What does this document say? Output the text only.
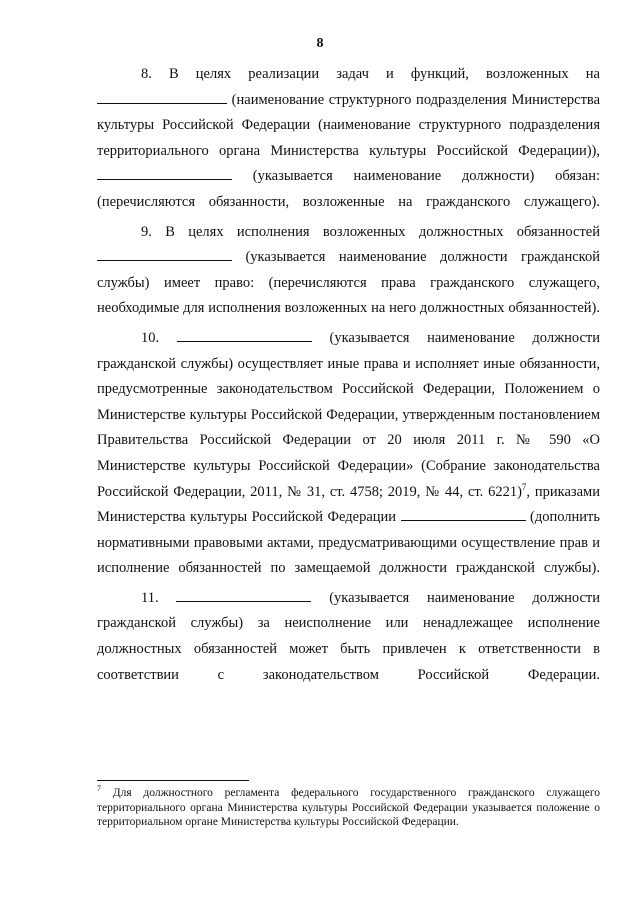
8

8. В целях реализации задач и функций, возложенных на  (наименование структурного подразделения Министерства культуры Российской Федерации (наименование структурного подразделения территориального органа Министерства культуры Российской Федерации)),  (указывается наименование должности) обязан: (перечисляются обязанности, возложенные на гражданского служащего).

9. В целях исполнения возложенных должностных обязанностей  (указывается наименование должности гражданской службы) имеет право: (перечисляются права гражданского служащего, необходимые для исполнения возложенных на него должностных обязанностей).

10.	(указывается наименование должности гражданской службы) осуществляет иные права и исполняет иные обязанности, предусмотренные законодательством Российской Федерации, Положением о Министерстве культуры Российской Федерации, утвержденным постановлением Правительства Российской Федерации от 20 июля 2011 г. № 590 «О Министерстве культуры Российской Федерации» (Собрание законодательства Российской Федерации, 2011, № 31, ст. 4758; 2019, № 44, ст. 6221)$^7$, приказами Министерства культуры Российской Федерации	(дополнить нормативными правовыми актами, предусматривающими осуществление прав и исполнение обязанностей по замещаемой должности гражданской службы).

11.	(указывается наименование должности гражданской службы) за неисполнение или ненадлежащее исполнение должностных обязанностей может быть привлечен к ответственности в соответствии с законодательством Российской Федерации.

$^7$ Для должностного регламента федерального государственного гражданского служащего территориального органа Министерства культуры Российской Федерации указывается положение о территориальном органе Министерства культуры Российской Федерации.
